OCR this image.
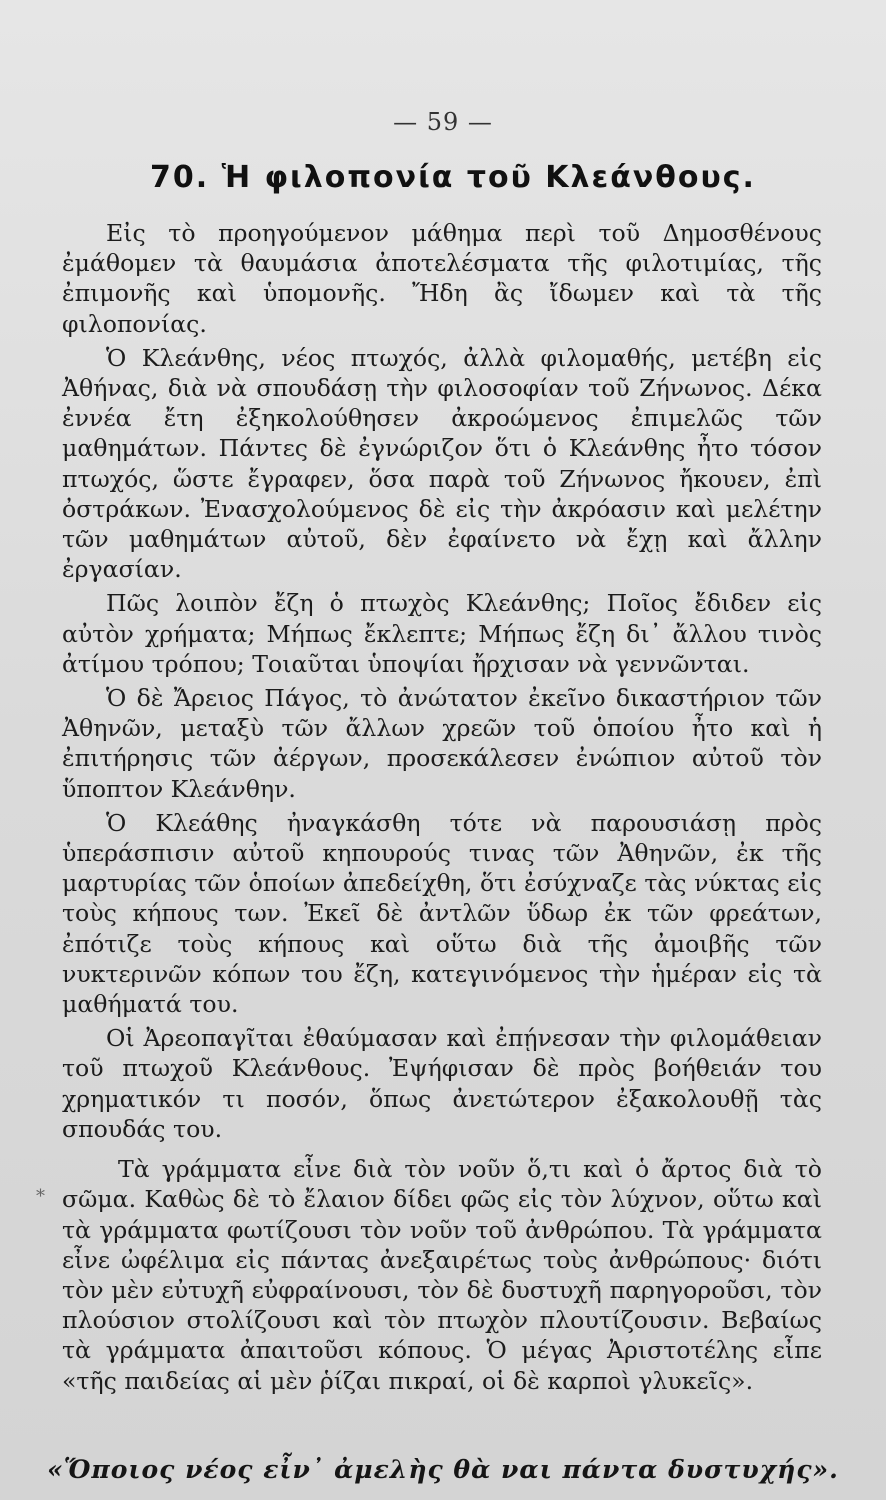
— 59 —
70. Ἡ φιλοπονία τοῦ Κλεάνθους.

Εἰς τὸ προηγούμενον μάθημα περὶ τοῦ Δημοσθένους ἐμάθομεν τὰ θαυμάσια ἀποτελέσματα τῆς φιλοτιμίας, τῆς ἐπιμονῆς καὶ ὑπομονῆς. Ἤδη ἂς ἴδωμεν καὶ τὰ τῆς φιλοπονίας.

Ὁ Κλεάνθης, νέος πτωχός, ἀλλὰ φιλομαθής, μετέβη εἰς Ἀθήνας, διὰ νὰ σπουδάσῃ τὴν φιλοσοφίαν τοῦ Ζήνωνος. Δέκα ἐννέα ἔτη ἐξηκολούθησεν ἀκροώμενος ἐπιμελῶς τῶν μαθημάτων. Πάντες δὲ ἐγνώριζον ὅτι ὁ Κλεάνθης ἦτο τόσον πτωχός, ὥστε ἔγραφεν, ὅσα παρὰ τοῦ Ζήνωνος ἤκουεν, ἐπὶ ὀστράκων. Ἐνασχολούμενος δὲ εἰς τὴν ἀκρόασιν καὶ μελέτην τῶν μαθημάτων αὐτοῦ, δὲν ἐφαίνετο νὰ ἔχῃ καὶ ἄλλην ἐργασίαν.

Πῶς λοιπὸν ἔζη ὁ πτωχὸς Κλεάνθης; Ποῖος ἔδιδεν εἰς αὐτὸν χρήματα; Μήπως ἔκλεπτε; Μήπως ἔζη δι᾽ ἄλλου τινὸς ἀτίμου τρόπου; Τοιαῦται ὑποψίαι ἤρχισαν νὰ γεννῶνται.

Ὁ δὲ Ἄρειος Πάγος, τὸ ἀνώτατον ἐκεῖνο δικαστήριον τῶν Ἀθηνῶν, μεταξὺ τῶν ἄλλων χρεῶν τοῦ ὁποίου ἦτο καὶ ἡ ἐπιτήρησις τῶν ἀέργων, προσεκάλεσεν ἐνώπιον αὐτοῦ τὸν ὕποπτον Κλεάνθην.

Ὁ Κλεάθης ἠναγκάσθη τότε νὰ παρουσιάσῃ πρὸς ὑπεράσπισιν αὐτοῦ κηπουρούς τινας τῶν Ἀθηνῶν, ἐκ τῆς μαρτυρίας τῶν ὁποίων ἀπεδείχθη, ὅτι ἐσύχναζε τὰς νύκτας εἰς τοὺς κήπους των. Ἐκεῖ δὲ ἀντλῶν ὕδωρ ἐκ τῶν φρεάτων, ἐπότιζε τοὺς κήπους καὶ οὕτω διὰ τῆς ἀμοιβῆς τῶν νυκτερινῶν κόπων του ἔζη, κατεγινόμενος τὴν ἡμέραν εἰς τὰ μαθήματά του.

Οἱ Ἀρεοπαγῖται ἐθαύμασαν καὶ ἐπῄνεσαν τὴν φιλομάθειαν τοῦ πτωχοῦ Κλεάνθους. Ἐψήφισαν δὲ πρὸς βοήθειάν του χρηματικόν τι ποσόν, ὅπως ἀνετώτερον ἐξακολουθῇ τὰς σπουδάς του.

Τὰ γράμματα εἶνε διὰ τὸν νοῦν ὅ,τι καὶ ὁ ἄρτος διὰ τὸ σῶμα. Καθὼς δὲ τὸ ἔλαιον δίδει φῶς εἰς τὸν λύχνον, οὕτω καὶ τὰ γράμματα φωτίζουσι τὸν νοῦν τοῦ ἀνθρώπου. Τὰ γράμματα εἶνε ὠφέλιμα εἰς πάντας ἀνεξαιρέτως τοὺς ἀνθρώπους· διότι τὸν μὲν εὐτυχῆ εὐφραίνουσι, τὸν δὲ δυστυχῆ παρηγοροῦσι, τὸν πλούσιον στολίζουσι καὶ τὸν πτωχὸν πλουτίζουσιν. Βεβαίως τὰ γράμματα ἀπαιτοῦσι κόπους. Ὁ μέγας Ἀριστοτέλης εἶπε «τῆς παιδείας αἱ μὲν ῥίζαι πικραί, οἱ δὲ καρποὶ γλυκεῖς».

*
«Ὅποιος νέος εἶν᾽ ἀμελὴς θὰ ναι πάντα δυστυχής».
